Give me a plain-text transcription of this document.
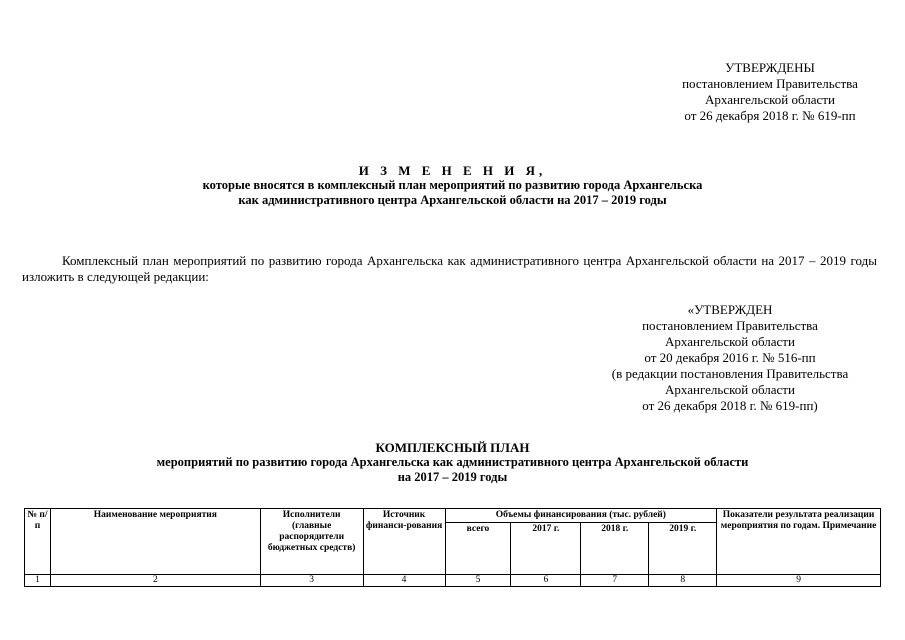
УТВЕРЖДЕНЫ
постановлением Правительства
Архангельской области
от 26 декабря 2018 г. № 619-пп
И З М Е Н Е Н И Я,
которые вносятся в комплексный план мероприятий по развитию города Архангельска
как административного центра Архангельской области на 2017 – 2019 годы
Комплексный план мероприятий по развитию города Архангельска как административного центра Архангельской области на 2017 – 2019 годы изложить в следующей редакции:
«УТВЕРЖДЕН
постановлением Правительства
Архангельской области
от 20 декабря 2016 г. № 516-пп
(в редакции постановления Правительства
Архангельской области
от 26 декабря 2018 г. № 619-пп)
КОМПЛЕКСНЫЙ ПЛАН
мероприятий по развитию города Архангельска как административного центра Архангельской области
на 2017 – 2019 годы
№ п/п	Наименование мероприятия	Исполнители (главные распорядители бюджетных средств)	Источник финанси-рования	Объемы финансирования (тыс. рублей)				Показатели результата реализации мероприятия по годам. Примечание
				всего	2017 г.	2018 г.	2019 г.	
1	2	3	4	5	6	7	8	9
